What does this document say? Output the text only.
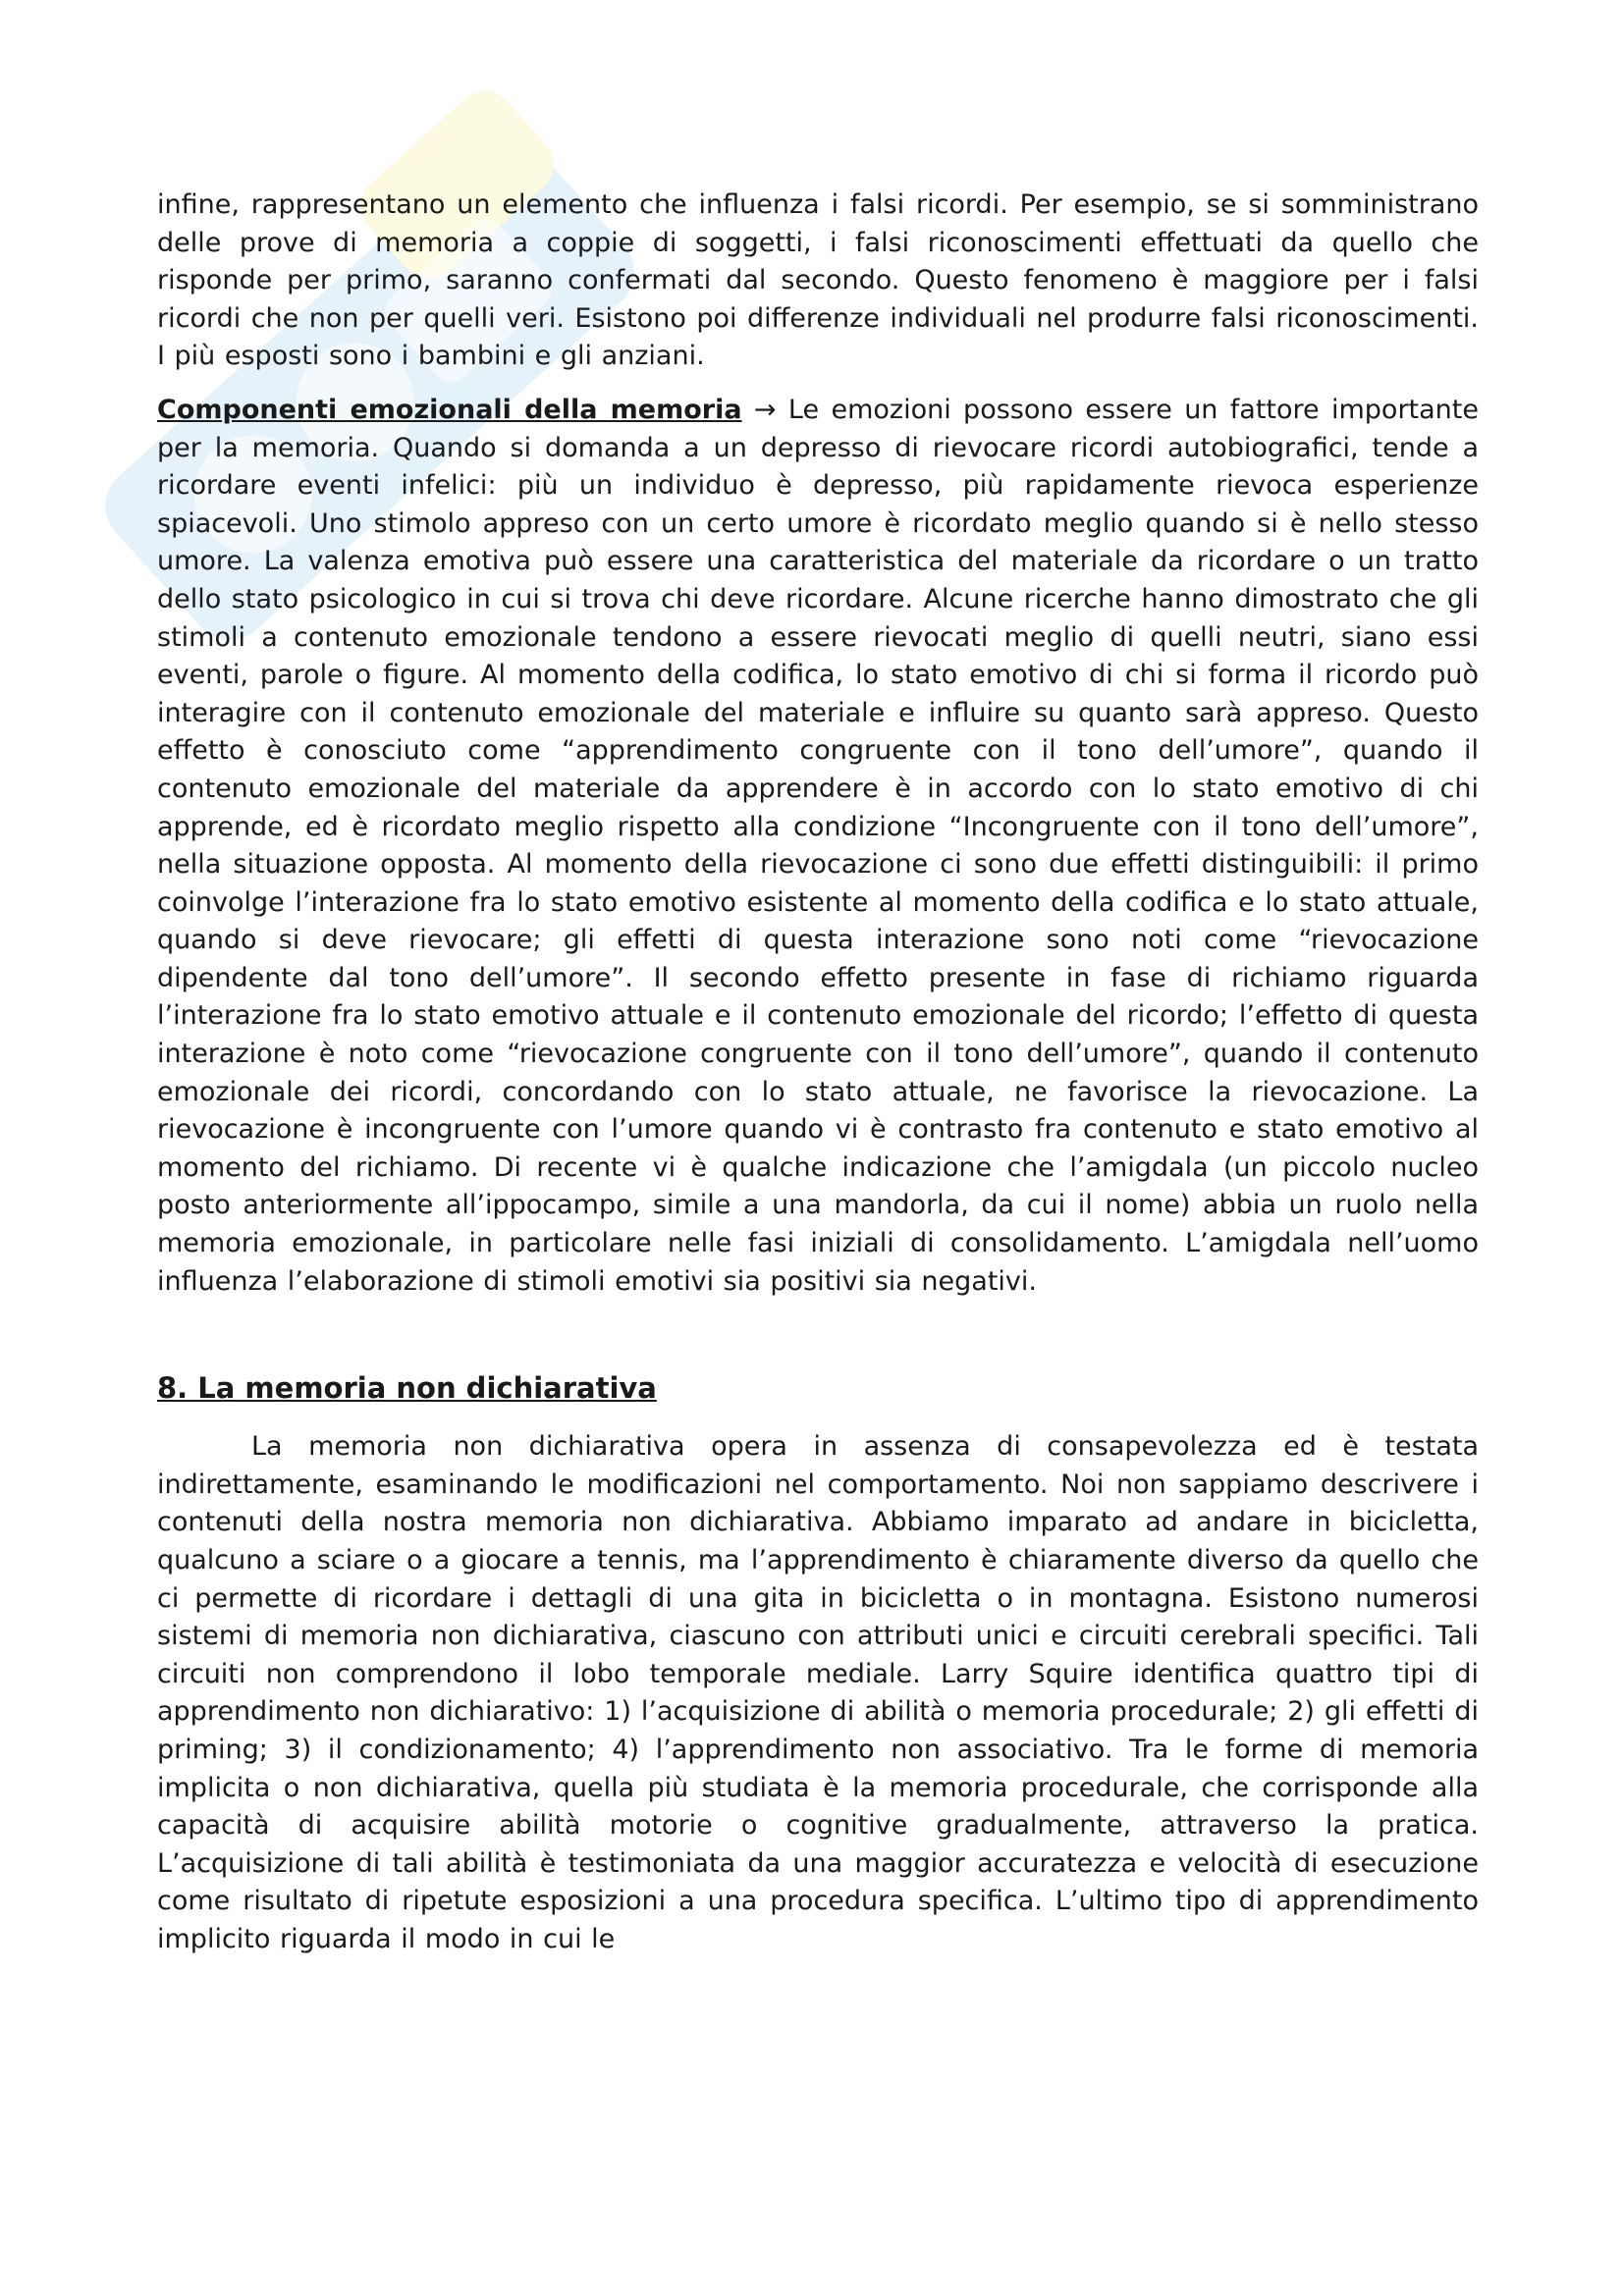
infine, rappresentano un elemento che influenza i falsi ricordi. Per esempio, se si somministrano delle prove di memoria a coppie di soggetti, i falsi riconoscimenti effettuati da quello che risponde per primo, saranno confermati dal secondo. Questo fenomeno è maggiore per i falsi ricordi che non per quelli veri. Esistono poi differenze individuali nel produrre falsi riconoscimenti. I più esposti sono i bambini e gli anziani.

Componenti emozionali della memoria → Le emozioni possono essere un fattore importante per la memoria. Quando si domanda a un depresso di rievocare ricordi autobiografici, tende a ricordare eventi infelici: più un individuo è depresso, più rapidamente rievoca esperienze spiacevoli. Uno stimolo appreso con un certo umore è ricordato meglio quando si è nello stesso umore. La valenza emotiva può essere una caratteristica del materiale da ricordare o un tratto dello stato psicologico in cui si trova chi deve ricordare. Alcune ricerche hanno dimostrato che gli stimoli a contenuto emozionale tendono a essere rievocati meglio di quelli neutri, siano essi eventi, parole o figure. Al momento della codifica, lo stato emotivo di chi si forma il ricordo può interagire con il contenuto emozionale del materiale e influire su quanto sarà appreso. Questo effetto è conosciuto come “apprendimento congruente con il tono dell’umore”, quando il contenuto emozionale del materiale da apprendere è in accordo con lo stato emotivo di chi apprende, ed è ricordato meglio rispetto alla condizione “Incongruente con il tono dell’umore”, nella situazione opposta. Al momento della rievocazione ci sono due effetti distinguibili: il primo coinvolge l’interazione fra lo stato emotivo esistente al momento della codifica e lo stato attuale, quando si deve rievocare; gli effetti di questa interazione sono noti come “rievocazione dipendente dal tono dell’umore”. Il secondo effetto presente in fase di richiamo riguarda l’interazione fra lo stato emotivo attuale e il contenuto emozionale del ricordo; l’effetto di questa interazione è noto come “rievocazione congruente con il tono dell’umore”, quando il contenuto emozionale dei ricordi, concordando con lo stato attuale, ne favorisce la rievocazione. La rievocazione è incongruente con l’umore quando vi è contrasto fra contenuto e stato emotivo al momento del richiamo. Di recente vi è qualche indicazione che l’amigdala (un piccolo nucleo posto anteriormente all’ippocampo, simile a una mandorla, da cui il nome) abbia un ruolo nella memoria emozionale, in particolare nelle fasi iniziali di consolidamento. L’amigdala nell’uomo influenza l’elaborazione di stimoli emotivi sia positivi sia negativi.

8. La memoria non dichiarativa

La memoria non dichiarativa opera in assenza di consapevolezza ed è testata indirettamente, esaminando le modificazioni nel comportamento. Noi non sappiamo descrivere i contenuti della nostra memoria non dichiarativa. Abbiamo imparato ad andare in bicicletta, qualcuno a sciare o a giocare a tennis, ma l’apprendimento è chiaramente diverso da quello che ci permette di ricordare i dettagli di una gita in bicicletta o in montagna. Esistono numerosi sistemi di memoria non dichiarativa, ciascuno con attributi unici e circuiti cerebrali specifici. Tali circuiti non comprendono il lobo temporale mediale. Larry Squire identifica quattro tipi di apprendimento non dichiarativo: 1) l’acquisizione di abilità o memoria procedurale; 2) gli effetti di priming; 3) il condizionamento; 4) l’apprendimento non associativo. Tra le forme di memoria implicita o non dichiarativa, quella più studiata è la memoria procedurale, che corrisponde alla capacità di acquisire abilità motorie o cognitive gradualmente, attraverso la pratica. L’acquisizione di tali abilità è testimoniata da una maggior accuratezza e velocità di esecuzione come risultato di ripetute esposizioni a una procedura specifica. L’ultimo tipo di apprendimento implicito riguarda il modo in cui le
